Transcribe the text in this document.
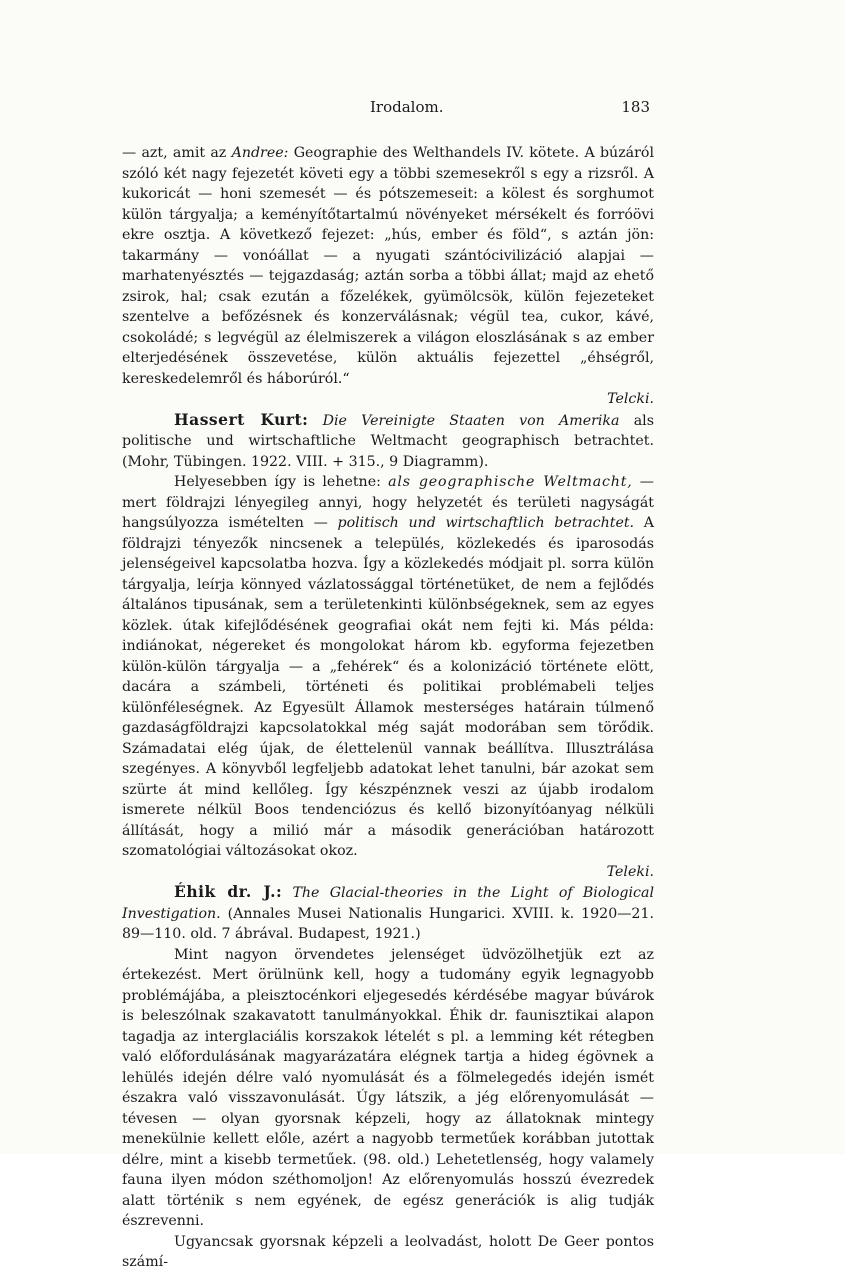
Irodalom.	183

— azt, amit az Andree: Geographie des Welthandels IV. kötete. A búzáról szóló két nagy fejezetét követi egy a többi szemesekről s egy a rizsről. A kukoricát — honi szemesét — és pótszemeseit: a kölest és sorghumot külön tárgyalja; a keményítőtartalmú növényeket mérsékelt és forróövi ekre osztja. A következő fejezet: „hús, ember és föld“, s aztán jön: takarmány — vonóállat — a nyugati szántócivilizáció alapjai — marhatenyésztés — tejgazdaság; aztán sorba a többi állat; majd az ehető zsirok, hal; csak ezután a főzelékek, gyümölcsök, külön fejezeteket szentelve a befőzésnek és konzerválásnak; végül tea, cukor, kávé, csokoládé; s legvégül az élelmiszerek a világon eloszlásának s az ember elterjedésének összevetése, külön aktuális fejezettel „éhségről, kereskedelemről és háborúról.“

Telcki.

Hassert Kurt: Die Vereinigte Staaten von Amerika als politische und wirtschaftliche Weltmacht geographisch betrachtet. (Mohr, Tübingen. 1922. VIII. + 315., 9 Diagramm).

Helyesebben így is lehetne: als geographische Weltmacht, — mert földrajzi lényegileg annyi, hogy helyzetét és területi nagyságát hangsúlyozza ismételten — politisch und wirtschaftlich betrachtet. A földrajzi tényezők nincsenek a település, közlekedés és iparosodás jelenségeivel kapcsolatba hozva. Így a közlekedés módjait pl. sorra külön tárgyalja, leírja könnyed vázlatossággal történetüket, de nem a fejlődés általános tipusának, sem a területenkinti különbségeknek, sem az egyes közlek. útak kifejlődésének geografiai okát nem fejti ki. Más példa: indiánokat, négereket és mongolokat három kb. egyforma fejezetben külön-külön tárgyalja — a „fehérek“ és a kolonizáció története elött, dacára a számbeli, történeti és politikai problémabeli teljes különféleségnek. Az Egyesült Államok mesterséges határain túlmenő gazdaságföldrajzi kapcsolatokkal még saját modorában sem törődik. Számadatai elég újak, de élettelenül vannak beállítva. Illusztrálása szegényes. A könyvből legfeljebb adatokat lehet tanulni, bár azokat sem szürte át mind kellőleg. Így készpénznek veszi az újabb irodalom ismerete nélkül Boos tendenciózus és kellő bizonyítóanyag nélküli állítását, hogy a milió már a második generációban határozott szomatológiai változásokat okoz.

Teleki.

Éhik dr. J.: The Glacial-theories in the Light of Biological Investigation. (Annales Musei Nationalis Hungarici. XVIII. k. 1920—21. 89—110. old. 7 ábrával. Budapest, 1921.)

Mint nagyon örvendetes jelenséget üdvözölhetjük ezt az értekezést. Mert örülnünk kell, hogy a tudomány egyik legnagyobb problémájába, a pleisztocénkori eljegesedés kérdésébe magyar búvárok is beleszólnak szakavatott tanulmányokkal. Éhik dr. faunisztikai alapon tagadja az interglaciális korszakok lételét s pl. a lemming két rétegben való előfordulásának magyarázatára elégnek tartja a hideg égövnek a lehülés idején délre való nyomulását és a fölmelegedés idején ismét északra való visszavonulását. Úgy látszik, a jég előrenyomulását — tévesen — olyan gyorsnak képzeli, hogy az állatoknak mintegy menekülniе kellett előle, azért a nagyobb termetűek korábban jutottak délre, mint a kisebb termetűek. (98. old.) Lehetetlenség, hogy valamely fauna ilyen módon széthomoljon! Az előrenyomulás hosszú évezredek alatt történik s nem egyének, de egész generációk is alig tudják észrevenni.

Ugyancsak gyorsnak képzeli a leolvadást, holott De Geer pontos számí-
